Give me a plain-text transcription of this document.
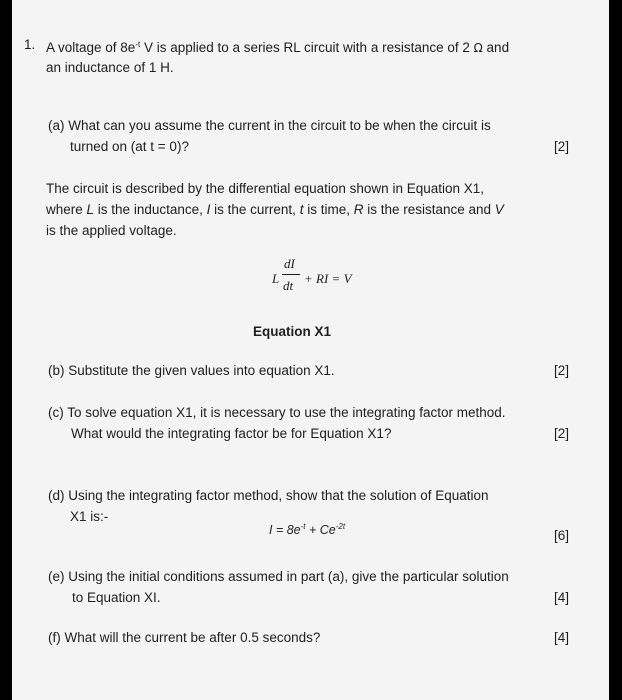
1. A voltage of $8e^{-t}$ V is applied to a series RL circuit with a resistance of 2 Ω and
an inductance of 1 H.
(a) What can you assume the current in the circuit to be when the circuit is
turned on (at t = 0)?	[2]
The circuit is described by the differential equation shown in Equation X1,
where L is the inductance, I is the current, t is time, R is the resistance and V
is the applied voltage.
L
dI
dt + RI = V
Equation X1
(b) Substitute the given values into equation X1.	[2]
(c) To solve equation X1, it is necessary to use the integrating factor method.
What would the integrating factor be for Equation X1?	[2]
(d) Using the integrating factor method, show that the solution of Equation
X1 is:-
$I = 8e^{-t} + Ce^{-2t}$
[6]
(e) Using the initial conditions assumed in part (a), give the particular solution
to Equation XI.	[4]
(f) What will the current be after 0.5 seconds?	[4]
